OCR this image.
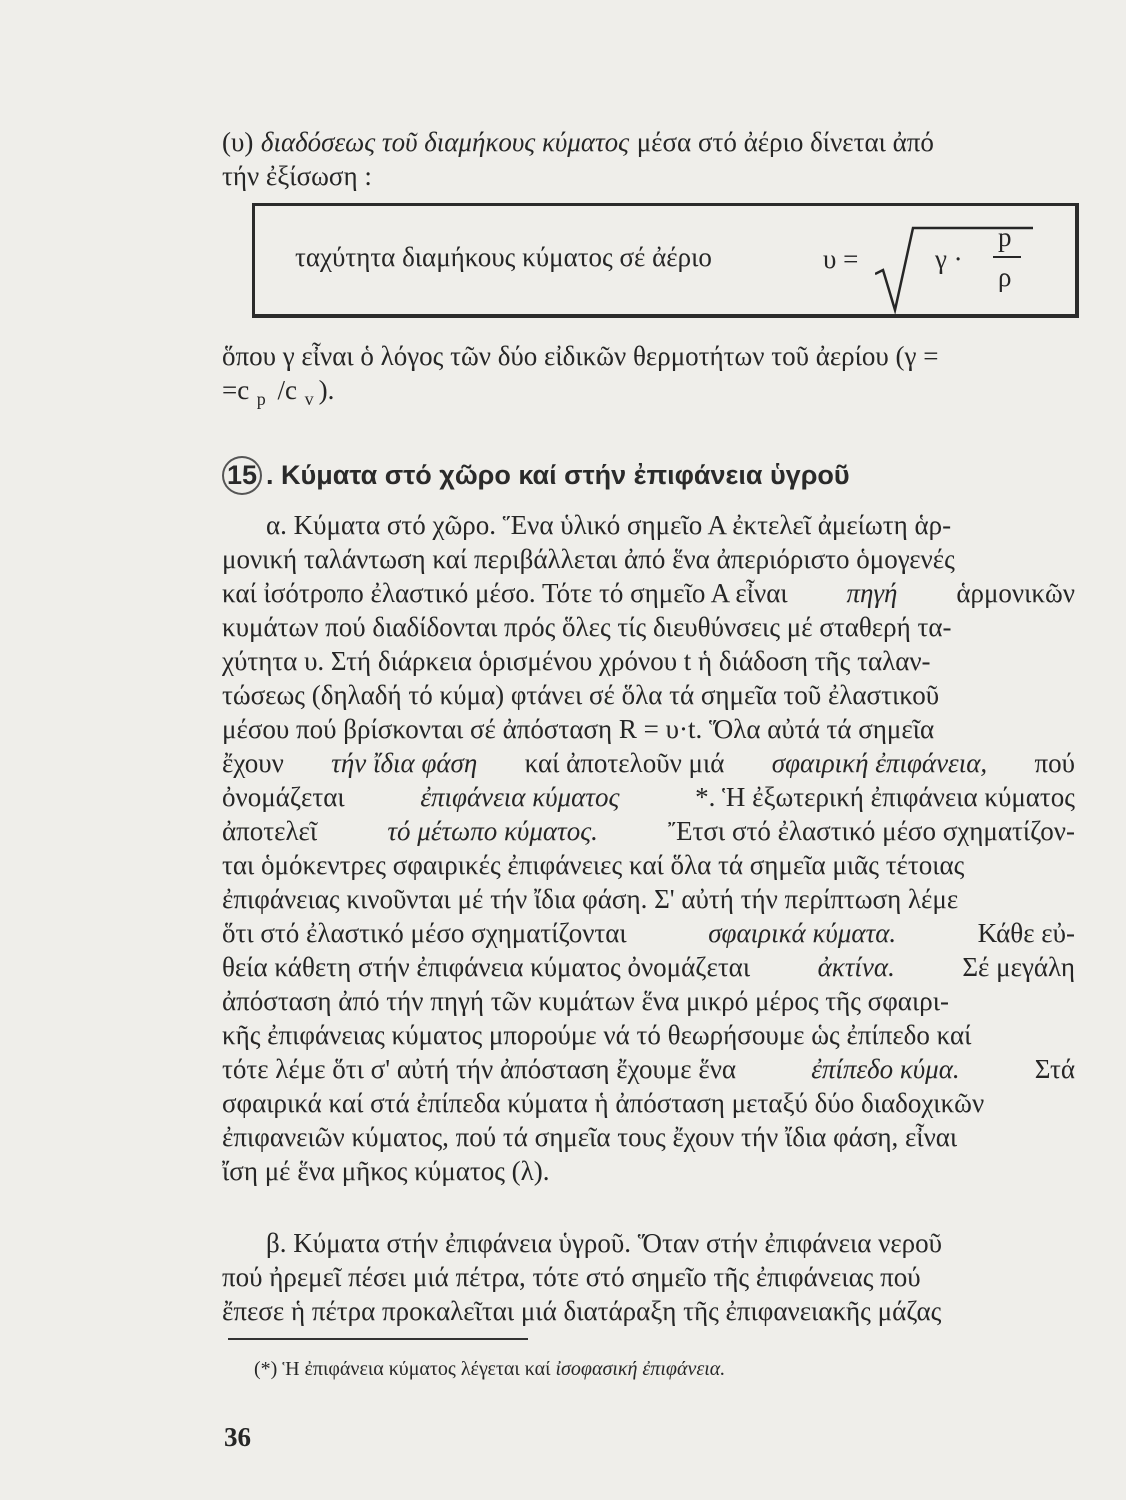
(υ) διαδόσεως τοῦ διαμήκους κύματος μέσα στό ἀέριο δίνεται ἀπό
τήν ἐξίσωση :
ταχύτητα διαμήκους κύματος σέ ἀέριο	υ =	γ ·
p
ρ
ὅπου γ εἶναι ὁ λόγος τῶν δύο εἰδικῶν θερμοτήτων τοῦ ἀερίου (γ =
=c $_p$ /c $_v$ ).
15 . Κύματα στό χῶρο καί στήν ἐπιφάνεια ὑγροῦ
α. Κύματα στό χῶρο. Ἕνα ὑλικό σημεῖο Α ἐκτελεῖ ἀμείωτη ἁρ-
μονική ταλάντωση καί περιβάλλεται ἀπό ἕνα ἀπεριόριστο ὁμογενές
καί ἰσότροπο ἐλαστικό μέσο. Τότε τό σημεῖο Α εἶναι πηγή ἁρμονικῶν
κυμάτων πού διαδίδονται πρός ὅλες τίς διευθύνσεις μέ σταθερή τα-
χύτητα υ. Στή διάρκεια ὁρισμένου χρόνου t ἡ διάδοση τῆς ταλαν-
τώσεως (δηλαδή τό κύμα) φτάνει σέ ὅλα τά σημεῖα τοῦ ἐλαστικοῦ
μέσου πού βρίσκονται σέ ἀπόσταση R = υ·t. Ὅλα αὐτά τά σημεῖα
ἔχουν τήν ἴδια φάση καί ἀποτελοῦν μιά σφαιρική ἐπιφάνεια, πού
ὀνομάζεται	ἐπιφάνεια κύματος	*. Ἡ ἐξωτερική ἐπιφάνεια κύματος
ἀποτελεῖ	τό μέτωπο κύματος.	Ἔτσι στό ἐλαστικό μέσο σχηματίζον-
ται ὁμόκεντρες σφαιρικές ἐπιφάνειες καί ὅλα τά σημεῖα μιᾶς τέτοιας
ἐπιφάνειας κινοῦνται μέ τήν ἴδια φάση. Σ' αὐτή τήν περίπτωση λέμε
ὅτι στό ἐλαστικό μέσο σχηματίζονται	σφαιρικά κύματα.	Κάθε εὐ-
θεία κάθετη στήν ἐπιφάνεια κύματος ὀνομάζεται	ἀκτίνα.	Σέ μεγάλη
ἀπόσταση ἀπό τήν πηγή τῶν κυμάτων ἕνα μικρό μέρος τῆς σφαιρι-
κῆς ἐπιφάνειας κύματος μπορούμε νά τό θεωρήσουμε ὡς ἐπίπεδο καί
τότε λέμε ὅτι σ' αὐτή τήν ἀπόσταση ἔχουμε ἕνα	ἐπίπεδο κύμα.	Στά
σφαιρικά καί στά ἐπίπεδα κύματα ἡ ἀπόσταση μεταξύ δύο διαδοχικῶν
ἐπιφανειῶν κύματος, πού τά σημεῖα τους ἔχουν τήν ἴδια φάση, εἶναι
ἴση μέ ἕνα μῆκος κύματος (λ).
β. Κύματα στήν ἐπιφάνεια ὑγροῦ. Ὅταν στήν ἐπιφάνεια νεροῦ
πού ἠρεμεῖ πέσει μιά πέτρα, τότε στό σημεῖο τῆς ἐπιφάνειας πού
ἔπεσε ἡ πέτρα προκαλεῖται μιά διατάραξη τῆς ἐπιφανειακῆς μάζας
(*) Ἡ ἐπιφάνεια κύματος λέγεται καί ἰσοφασική ἐπιφάνεια.
36
